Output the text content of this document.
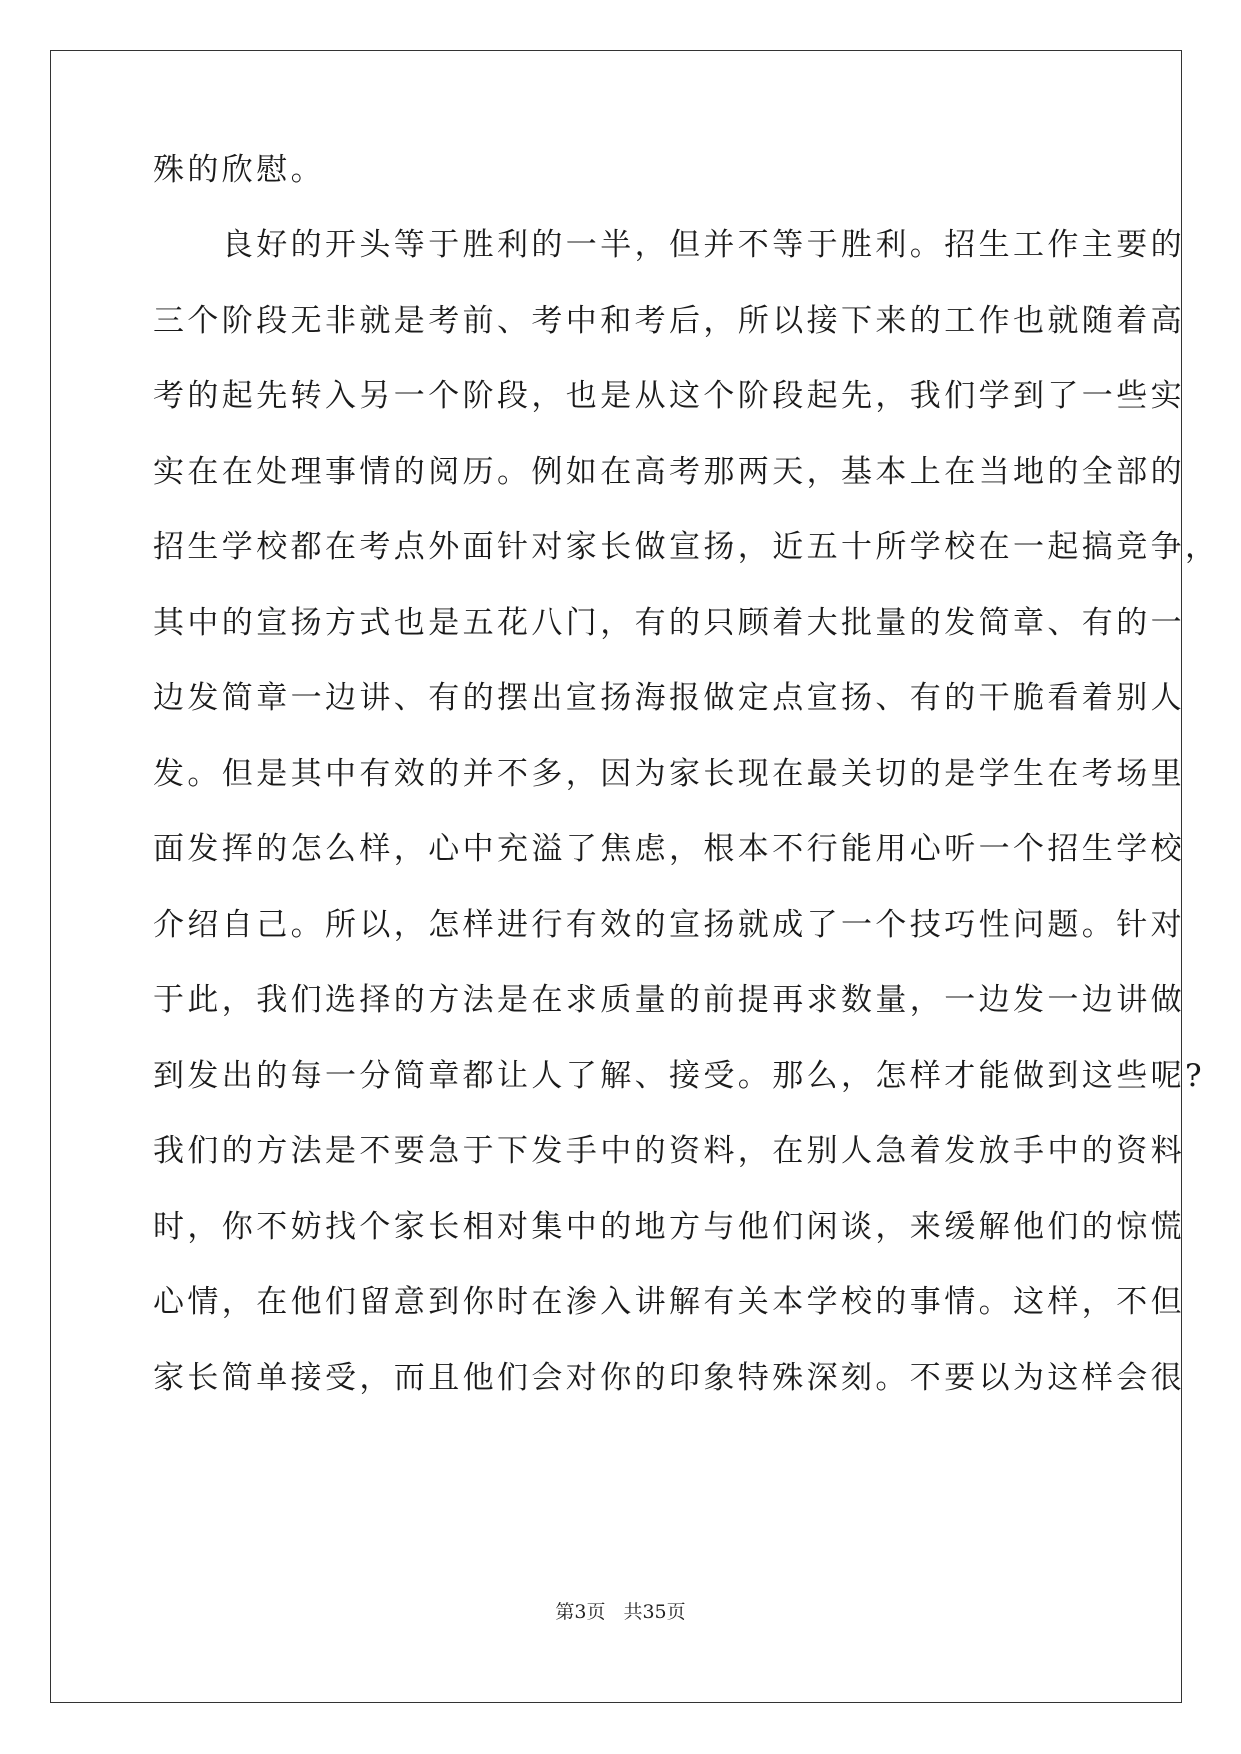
殊的欣慰。
　　良好的开头等于胜利的一半，但并不等于胜利。招生工作主要的
三个阶段无非就是考前、考中和考后，所以接下来的工作也就随着高
考的起先转入另一个阶段，也是从这个阶段起先，我们学到了一些实
实在在处理事情的阅历。例如在高考那两天，基本上在当地的全部的
招生学校都在考点外面针对家长做宣扬，近五十所学校在一起搞竞争，
其中的宣扬方式也是五花八门，有的只顾着大批量的发简章、有的一
边发简章一边讲、有的摆出宣扬海报做定点宣扬、有的干脆看着别人
发。但是其中有效的并不多，因为家长现在最关切的是学生在考场里
面发挥的怎么样，心中充溢了焦虑，根本不行能用心听一个招生学校
介绍自己。所以，怎样进行有效的宣扬就成了一个技巧性问题。针对
于此，我们选择的方法是在求质量的前提再求数量，一边发一边讲做
到发出的每一分简章都让人了解、接受。那么，怎样才能做到这些呢?
我们的方法是不要急于下发手中的资料，在别人急着发放手中的资料
时，你不妨找个家长相对集中的地方与他们闲谈，来缓解他们的惊慌
心情，在他们留意到你时在渗入讲解有关本学校的事情。这样，不但
家长简单接受，而且他们会对你的印象特殊深刻。不要以为这样会很
第3页 共35页
